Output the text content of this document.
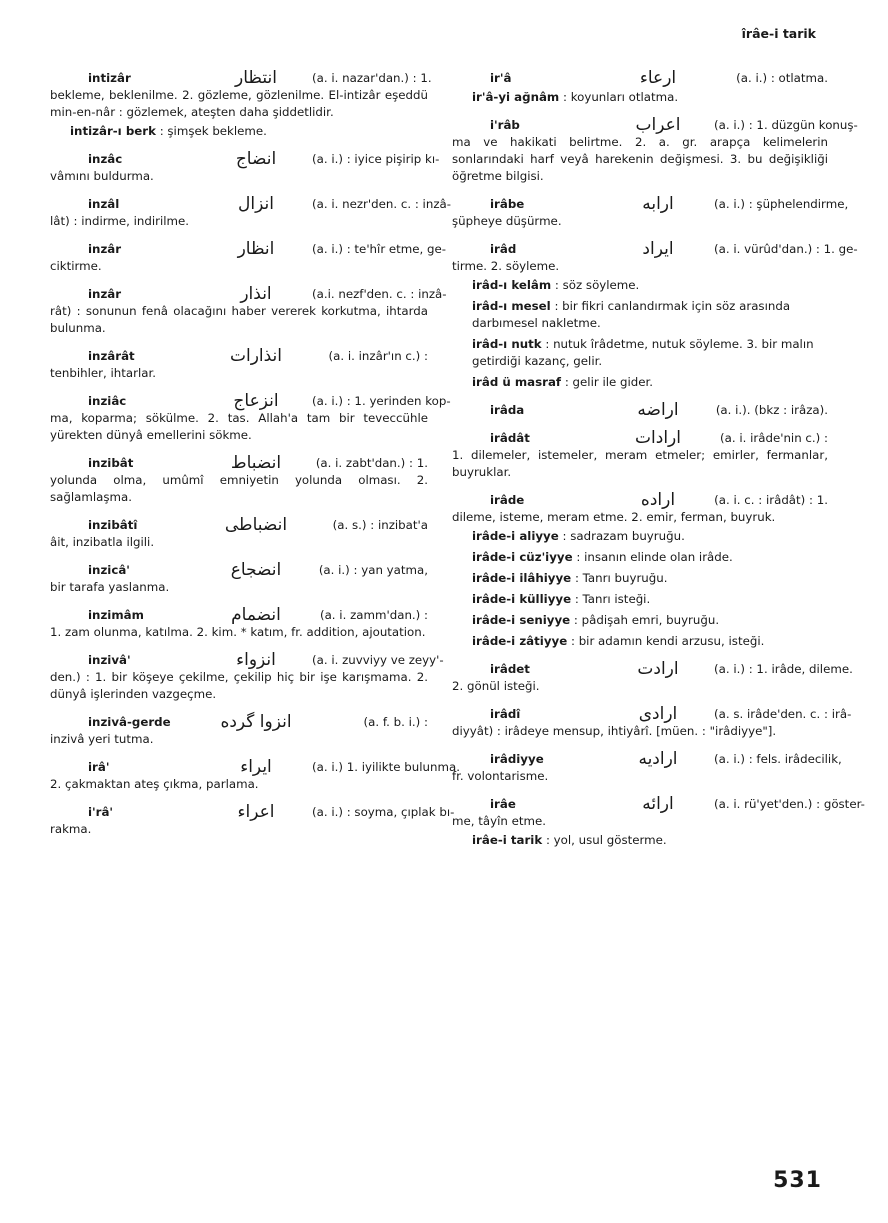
îrâe-i tarik
intizâr	انتظار	(a. i. nazar'dan.) : 1.
bekleme, beklenilme. 2. gözleme, gözlenilme. El-intizâr eşeddü min-en-nâr : gözlemek, ateşten daha şiddetlidir.
intizâr-ı berk : şimşek bekleme.
inzâc	انضاج	(a. i.) : iyice pişirip kı-
vâmını buldurma.
inzâl	انزال	(a. i. nezr'den. c. : inzâ-
lât) : indirme, indirilme.
inzâr	انظار	(a. i.) : te'hîr etme, ge-
ciktirme.
inzâr	انذار	(a.i. nezf'den. c. : inzâ-
rât) : sonunun fenâ olacağını haber vererek korkutma, ihtarda bulunma.
inzârât	انذارات	(a. i. inzâr'ın c.) :
tenbihler, ihtarlar.
inziâc	انزعاج	(a. i.) : 1. yerinden kop-
ma, koparma; sökülme. 2. tas. Allah'a tam bir teveccühle yürekten dünyâ emellerini sökme.
inzibât	انضباط	(a. i. zabt'dan.) : 1.
yolunda olma, umûmî emniyetin yolunda olması. 2. sağlamlaşma.
inzibâtî	انضباطی	(a. s.) : inzibat'a
âit, inzibatla ilgili.
inzicâ'	انضجاع	(a. i.) : yan yatma,
bir tarafa yaslanma.
inzimâm	انضمام	(a. i. zamm'dan.) :
1. zam olunma, katılma. 2. kim. * katım, fr. addition, ajoutation.
inzivâ'	انزواء	(a. i. zuvviyy ve zeyy'-
den.) : 1. bir köşeye çekilme, çekilip hiç bir işe karışmama. 2. dünyâ işlerinden vazgeçme.
inzivâ-gerde	انزوا گرده	(a. f. b. i.) :
inzivâ yeri tutma.
irâ'	ایراء	(a. i.) 1. iyilikte bulunma.
2. çakmaktan ateş çıkma, parlama.
i'râ'	اعراء	(a. i.) : soyma, çıplak bı-
rakma.
ir'â	ارعاء	(a. i.) : otlatma.
ir'â-yi ağnâm : koyunları otlatma.
i'râb	اعراب	(a. i.) : 1. düzgün konuş-
ma ve hakikati belirtme. 2. a. gr. arapça kelimelerin sonlarındaki harf veyâ harekenin değişmesi. 3. bu değişikliği öğretme bilgisi.
irâbe	ارابه	(a. i.) : şüphelendirme,
şüpheye düşürme.
irâd	ایراد	(a. i. vürûd'dan.) : 1. ge-
tirme. 2. söyleme.
irâd-ı kelâm : söz söyleme.
irâd-ı mesel : bir fikri canlandırmak için söz arasında darbımesel nakletme.
irâd-ı nutk : nutuk îrâdetme, nutuk söyleme. 3. bir malın getirdiği kazanç, gelir.
irâd ü masraf : gelir ile gider.
irâda	اراضه	(a. i.). (bkz : irâza).
irâdât	ارادات	(a. i. irâde'nin c.) :
1. dilemeler, istemeler, meram etmeler; emirler, fermanlar, buyruklar.
irâde	اراده	(a. i. c. : irâdât) : 1.
dileme, isteme, meram etme. 2. emir, ferman, buyruk.
irâde-i aliyye : sadrazam buyruğu.
irâde-i cüz'iyye : insanın elinde olan irâde.
irâde-i ilâhiyye : Tanrı buyruğu.
irâde-i külliyye : Tanrı isteği.
irâde-i seniyye : pâdişah emri, buyruğu.
irâde-i zâtiyye : bir adamın kendi arzusu, isteği.
irâdet	ارادت	(a. i.) : 1. irâde, dileme.
2. gönül isteği.
irâdî	ارادی	(a. s. irâde'den. c. : irâ-
diyyât) : irâdeye mensup, ihtiyârî. [müen. : "irâdiyye"].
irâdiyye	ارادیه	(a. i.) : fels. irâdecilik,
fr. volontarisme.
irâe	ارائه	(a. i. rü'yet'den.) : göster-
me, tâyîn etme.
irâe-i tarik : yol, usul gösterme.
531
